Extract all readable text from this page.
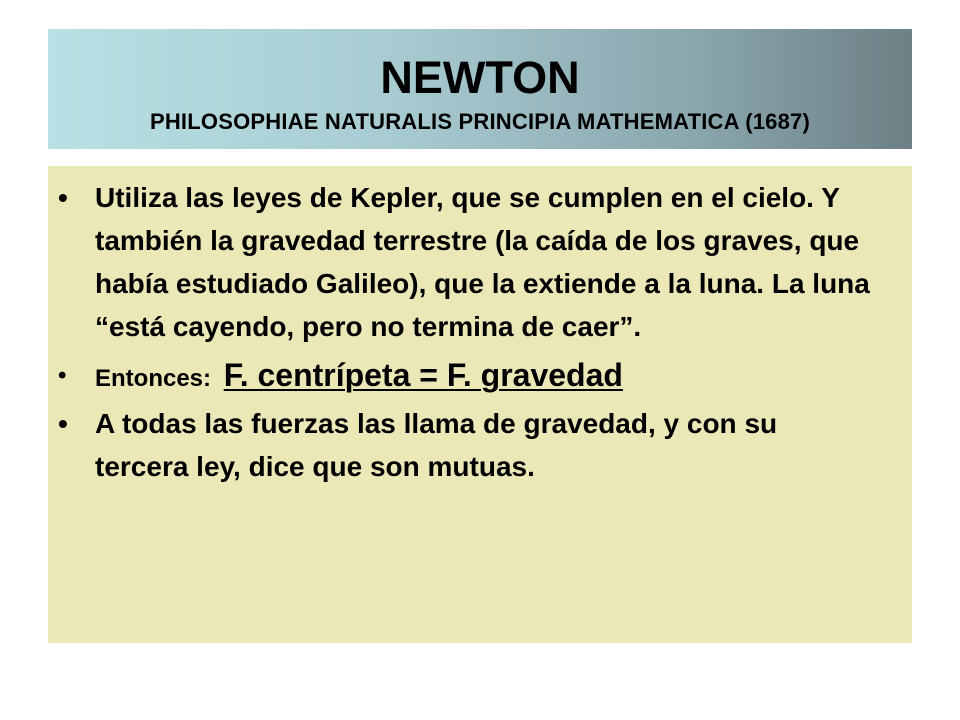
NEWTON
PHILOSOPHIAE NATURALIS PRINCIPIA MATHEMATICA (1687)
• Utiliza las leyes de Kepler, que se cumplen en el cielo. Y también la gravedad terrestre (la caída de los graves, que había estudiado Galileo), que la extiende a la luna. La luna “está cayendo, pero no termina de caer”.
• Entonces: F. centrípeta = F. gravedad
• A todas las fuerzas las llama de gravedad, y con su tercera ley, dice que son mutuas.
